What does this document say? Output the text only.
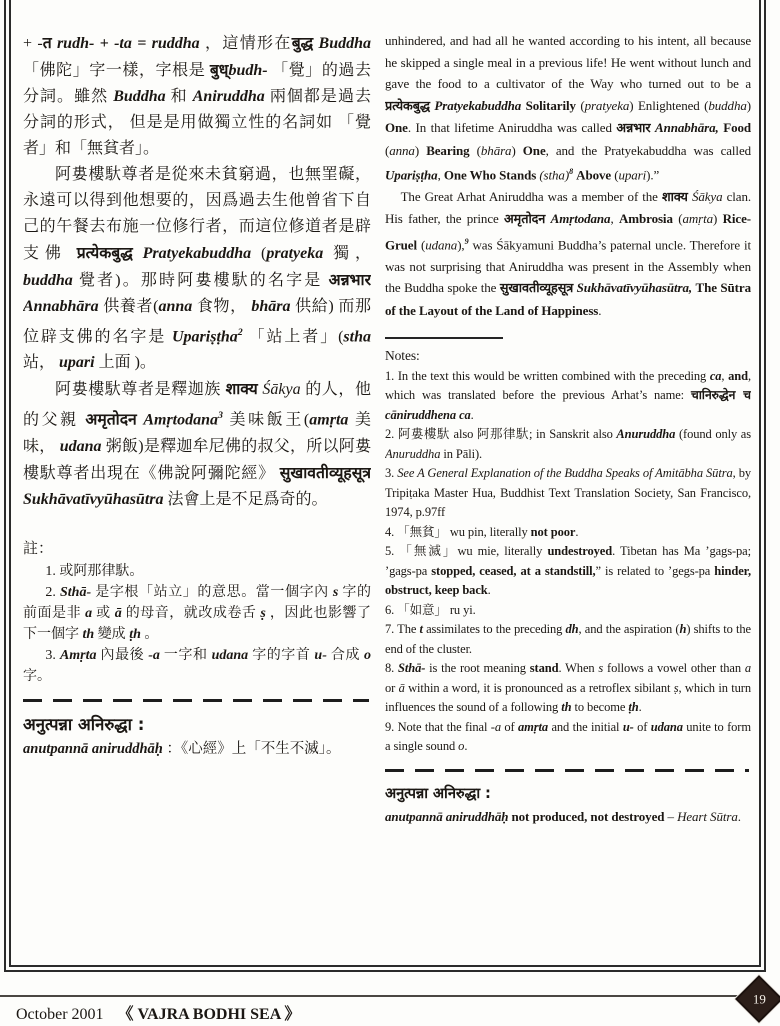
+ -त rudh- + -ta = ruddha ，這情形在बुद्ध Buddha 「佛陀」字一樣，字根是 बुध्budh- 「覺」的過去分詞。雖然 Buddha 和 Aniruddha 兩個都是過去分詞的形式， 但是是用做獨立性的名詞如 「覺者」和「無貧者」。

阿婁樓馱尊者是從來未貧窮過，也無罣礙，永遠可以得到他想要的，因爲過去生他曾省下自己的午餐去布施一位修行者，而這位修道者是辟支佛 प्रत्येकबुद्ध Pratyekabuddha (pratyeka 獨， buddha 覺者)。那時阿婁樓馱的名字是 अन्नभार Annabhāra 供養者(anna 食物， bhāra 供給) 而那位辟支佛的名字是 Upariṣṭha$^2$ 「站上者」(stha 站， upari 上面 )。

阿婁樓馱尊者是釋迦族 शाक्य Śākya 的人，他的父親 अमृतोदन Amṛtodana$^3$ 美味飯王(amṛta 美味， udana 粥飯)是釋迦牟尼佛的叔父，所以阿婁樓馱尊者出現在《佛說阿彌陀經》 सुखावतीव्यूहसूत्र Sukhāvatīvyūhasūtra 法會上是不足爲奇的。

註：

1. 或阿那律馱。

2. Sthā- 是字根「站立」的意思。當一個字內 s 字的前面是非 a 或 ā 的母音，就改成卷舌 ṣ ，因此也影響了下一個字 th 變成 ṭh 。

3. Amṛta 內最後 -a 一字和 udana 字的字首 u- 合成 o 字。

अनुत्पन्ना अनिरुद्धा :

anutpannā aniruddhāḥ ：《心經》上「不生不滅」。

unhindered, and had all he wanted according to his intent, all because he skipped a single meal in a previous life! He went without lunch and gave the food to a cultivator of the Way who turned out to be a प्रत्येकबुद्ध Pratyekabuddha Solitarily (pratyeka) Enlightened (buddha) One. In that lifetime Aniruddha was called अन्नभार Annabhāra, Food (anna) Bearing (bhāra) One, and the Pratyekabuddha was called Upariṣṭha, One Who Stands (stha)$^8$ Above (upari).”

The Great Arhat Aniruddha was a member of the शाक्य Śākya clan. His father, the prince अमृतोदन Amṛtodana, Ambrosia (amṛta) Rice-Gruel (udana),$^9$ was Śākyamuni Buddha’s paternal uncle. Therefore it was not surprising that Aniruddha was present in the Assembly when the Buddha spoke the सुखावतीव्यूहसूत्र Sukhāvatīvyūhasūtra, The Sūtra of the Layout of the Land of Happiness.

Notes:

1. In the text this would be written combined with the preceding ca, and, which was translated before the previous Arhat’s name: चानिरुद्धेन च cāniruddhena ca.

2. 阿婁樓馱 also 阿那律馱; in Sanskrit also Anuruddha (found only as Anuruddha in Pāli).

3. See A General Explanation of the Buddha Speaks of Amitābha Sūtra, by Tripiṭaka Master Hua, Buddhist Text Translation Society, San Francisco, 1974, p.97ff

4. 「無貧」 wu pin, literally not poor.

5. 「無滅」wu mie, literally undestroyed. Tibetan has Ma ’gags-pa; ’gags-pa stopped, ceased, at a standstill,” is related to ’gegs-pa hinder, obstruct, keep back.

6. 「如意」 ru yi.

7. The t assimilates to the preceding dh, and the aspiration (h) shifts to the end of the cluster.

8. Sthā- is the root meaning stand. When s follows a vowel other than a or ā within a word, it is pronounced as a retroflex sibilant ṣ, which in turn influences the sound of a following th to become ṭh.

9. Note that the final -a of amṛta and the initial u- of udana unite to form a single sound o.

अनुत्पन्ना अनिरुद्धा :

anutpannā aniruddhāḥ not produced, not destroyed – Heart Sūtra.

19
October 2001 《 VAJRA BODHI SEA 》
